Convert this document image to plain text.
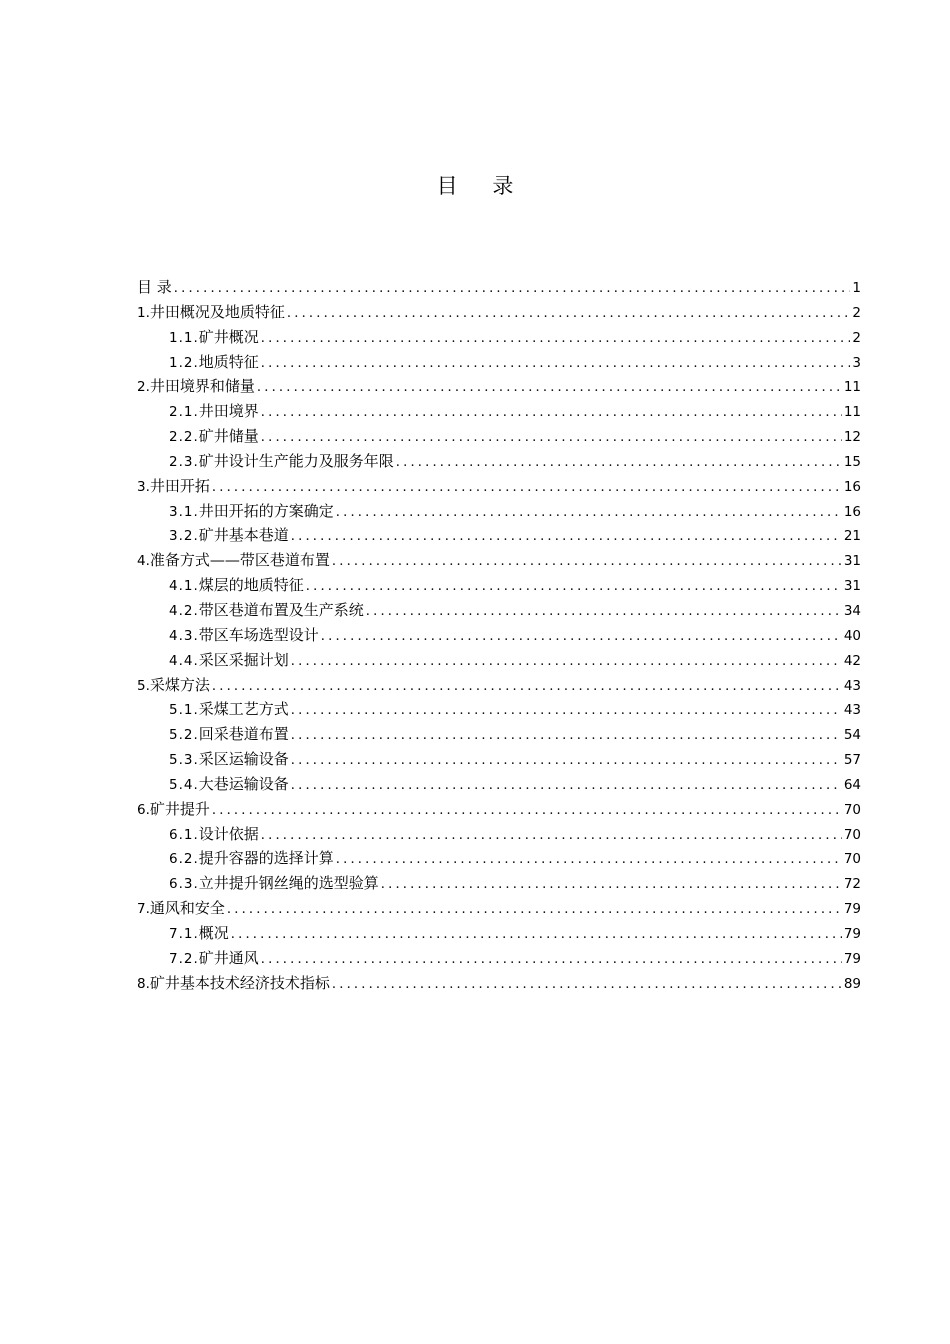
目 录
目 录 .....	1
1. 井田概况及地质特征 .....	2
1.1. 矿井概况 .....	2
1.2. 地质特征 .....	3
2. 井田境界和储量 .....	11
2.1. 井田境界 .....	11
2.2. 矿井储量 .....	12
2.3. 矿井设计生产能力及服务年限 .....	15
3. 井田开拓 .....	16
3.1. 井田开拓的方案确定 .....	16
3.2. 矿井基本巷道 .....	21
4. 准备方式——带区巷道布置 .....	31
4.1. 煤层的地质特征 .....	31
4.2. 带区巷道布置及生产系统 .....	34
4.3. 带区车场选型设计 .....	40
4.4. 采区采掘计划 .....	42
5. 采煤方法 .....	43
5.1. 采煤工艺方式 .....	43
5.2. 回采巷道布置 .....	54
5.3. 采区运输设备 .....	57
5.4. 大巷运输设备 .....	64
6. 矿井提升 .....	70
6.1. 设计依据 .....	70
6.2. 提升容器的选择计算 .....	70
6.3. 立井提升钢丝绳的选型验算 .....	72
7. 通风和安全 .....	79
7.1. 概况 .....	79
7.2. 矿井通风 .....	79
8. 矿井基本技术经济技术指标 .....	89
